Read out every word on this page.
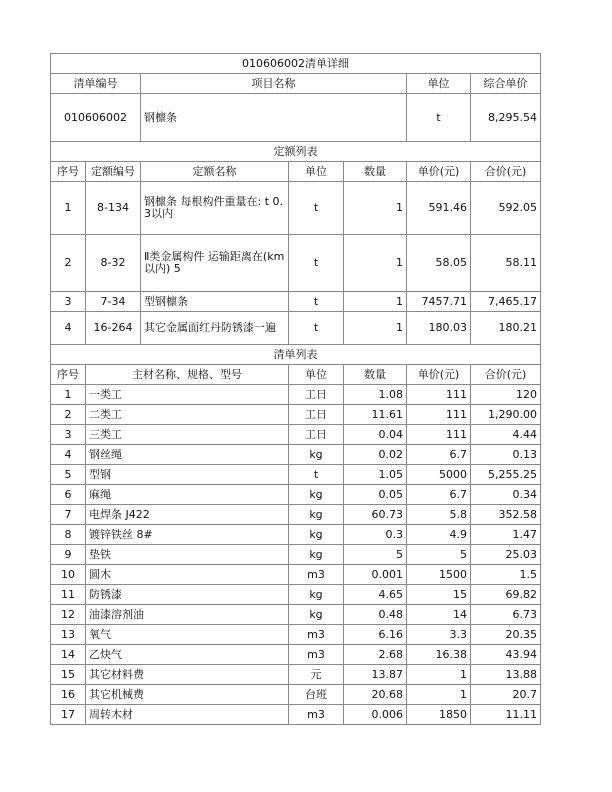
010606002清单详细						
清单编号		项目名称			单位	综合单价
010606002		钢檩条			t	8,295.54
定额列表						
序号	定额编号	定额名称	单位	数量	单价(元)	合价(元)
1	8-134	钢檩条 每根构件重量在: t 0.3以内	t	1	591.46	592.05
2	8-32	Ⅱ类金属构件 运输距离在(km以内) 5	t	1	58.05	58.11
3	7-34	型钢檩条	t	1	7457.71	7,465.17
4	16-264	其它金属面红丹防锈漆一遍	t	1	180.03	180.21
清单列表						
序号	主材名称、规格、型号		单位	数量	单价(元)	合价(元)
1	一类工		工日	1.08	111	120
2	二类工		工日	11.61	111	1,290.00
3	三类工		工日	0.04	111	4.44
4	钢丝绳		kg	0.02	6.7	0.13
5	型钢		t	1.05	5000	5,255.25
6	麻绳		kg	0.05	6.7	0.34
7	电焊条 J422		kg	60.73	5.8	352.58
8	镀锌铁丝 8#		kg	0.3	4.9	1.47
9	垫铁		kg	5	5	25.03
10	圆木		m3	0.001	1500	1.5
11	防锈漆		kg	4.65	15	69.82
12	油漆溶剂油		kg	0.48	14	6.73
13	氧气		m3	6.16	3.3	20.35
14	乙炔气		m3	2.68	16.38	43.94
15	其它材料费		元	13.87	1	13.88
16	其它机械费		台班	20.68	1	20.7
17	周转木材		m3	0.006	1850	11.11
